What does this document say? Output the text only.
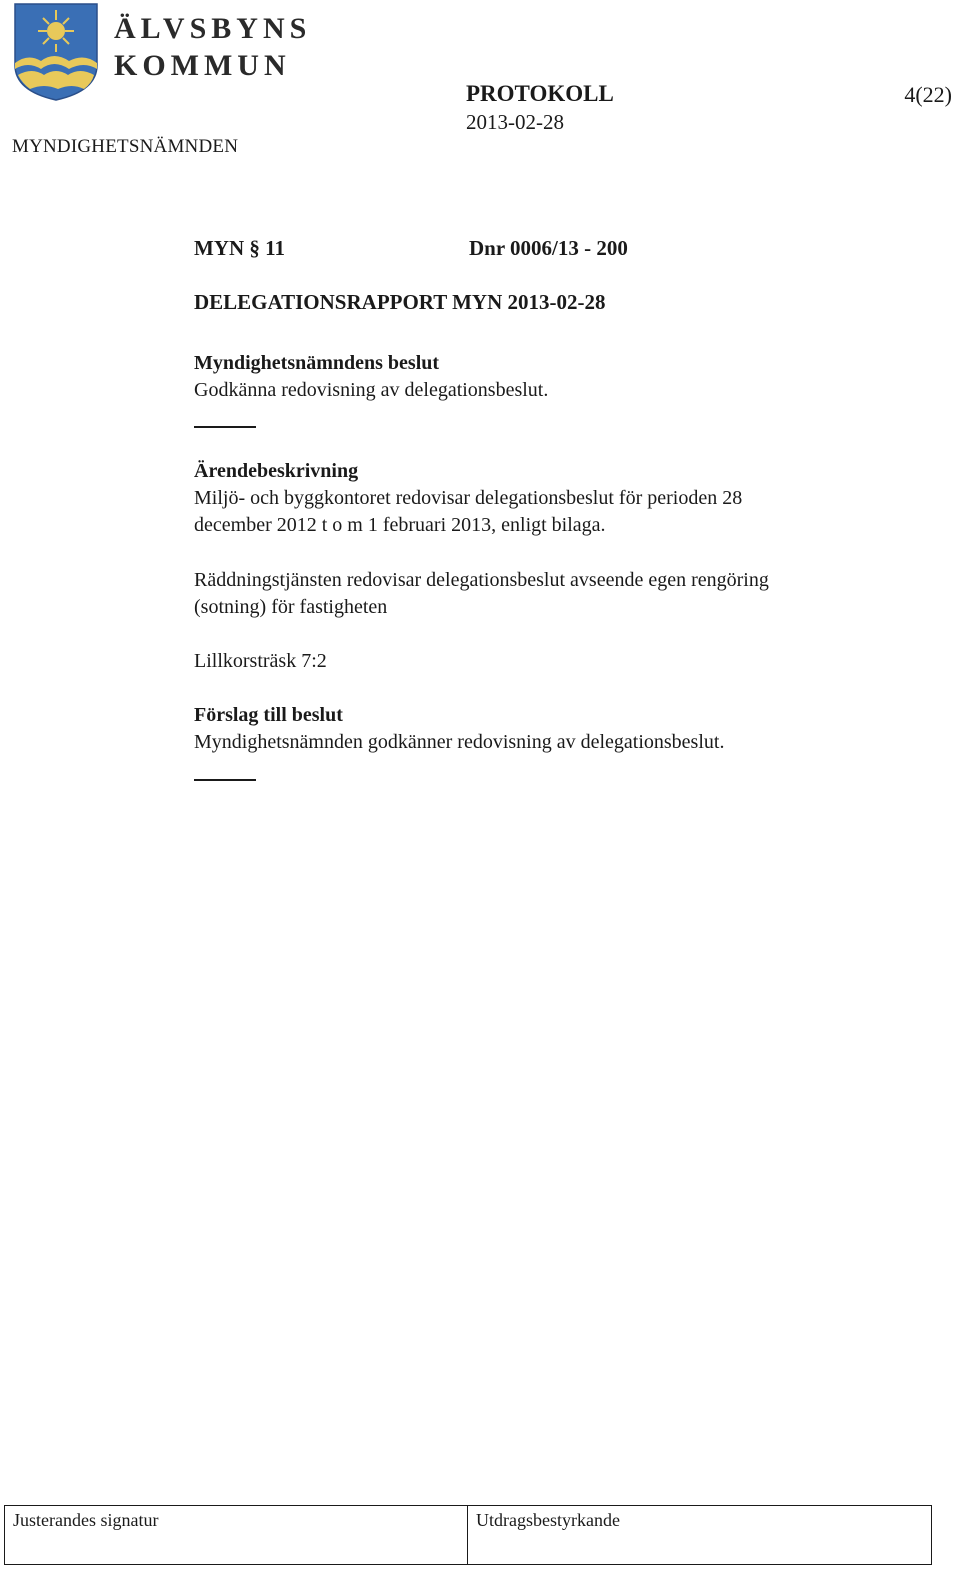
ÄLVSBYNS
KOMMUN
MYNDIGHETSNÄMNDEN
PROTOKOLL
2013-02-28
4(22)
MYN § 11	Dnr 0006/13 - 200
DELEGATIONSRAPPORT MYN 2013-02-28
Myndighetsnämndens beslut
Godkänna redovisning av delegationsbeslut.
Ärendebeskrivning
Miljö- och byggkontoret redovisar delegationsbeslut för perioden 28
december 2012 t o m 1 februari 2013, enligt bilaga.
Räddningstjänsten redovisar delegationsbeslut avseende egen rengöring
(sotning) för fastigheten
Lillkorsträsk 7:2
Förslag till beslut
Myndighetsnämnden godkänner redovisning av delegationsbeslut.
Justerandes signatur	Utdragsbestyrkande
